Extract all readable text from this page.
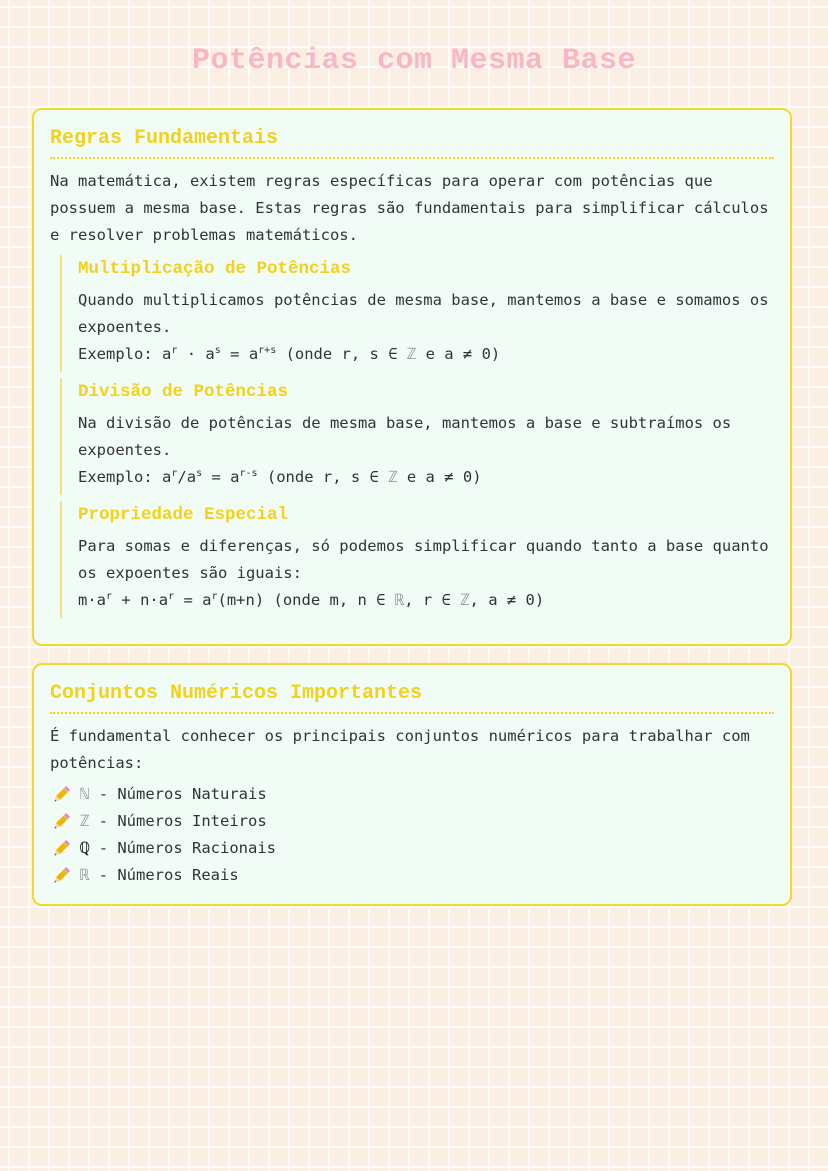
Potências com Mesma Base
Regras Fundamentais

Na matemática, existem regras específicas para operar com potências que possuem a mesma base. Estas regras são fundamentais para simplificar cálculos e resolver problemas matemáticos.

Multiplicação de Potências

Quando multiplicamos potências de mesma base, mantemos a base e somamos os expoentes.

Exemplo: $a^r \cdot a^s = a^{r+s}$ (onde r, s ∈ ℤ e a ≠ 0)

Divisão de Potências

Na divisão de potências de mesma base, mantemos a base e subtraímos os expoentes.

Exemplo: $a^r/a^s = a^{r-s}$ (onde r, s ∈ ℤ e a ≠ 0)

Propriedade Especial

Para somas e diferenças, só podemos simplificar quando tanto a base quanto os expoentes são iguais:

$m\cdot a^r + n\cdot a^r = a^r(m+n)$ (onde m, n ∈ ℝ, r ∈ ℤ, a ≠ 0)

Conjuntos Numéricos Importantes

É fundamental conhecer os principais conjuntos numéricos para trabalhar com potências:

ℕ
- Números Naturais
ℤ
- Números Inteiros
ℚ
- Números Racionais
ℝ
- Números Reais
